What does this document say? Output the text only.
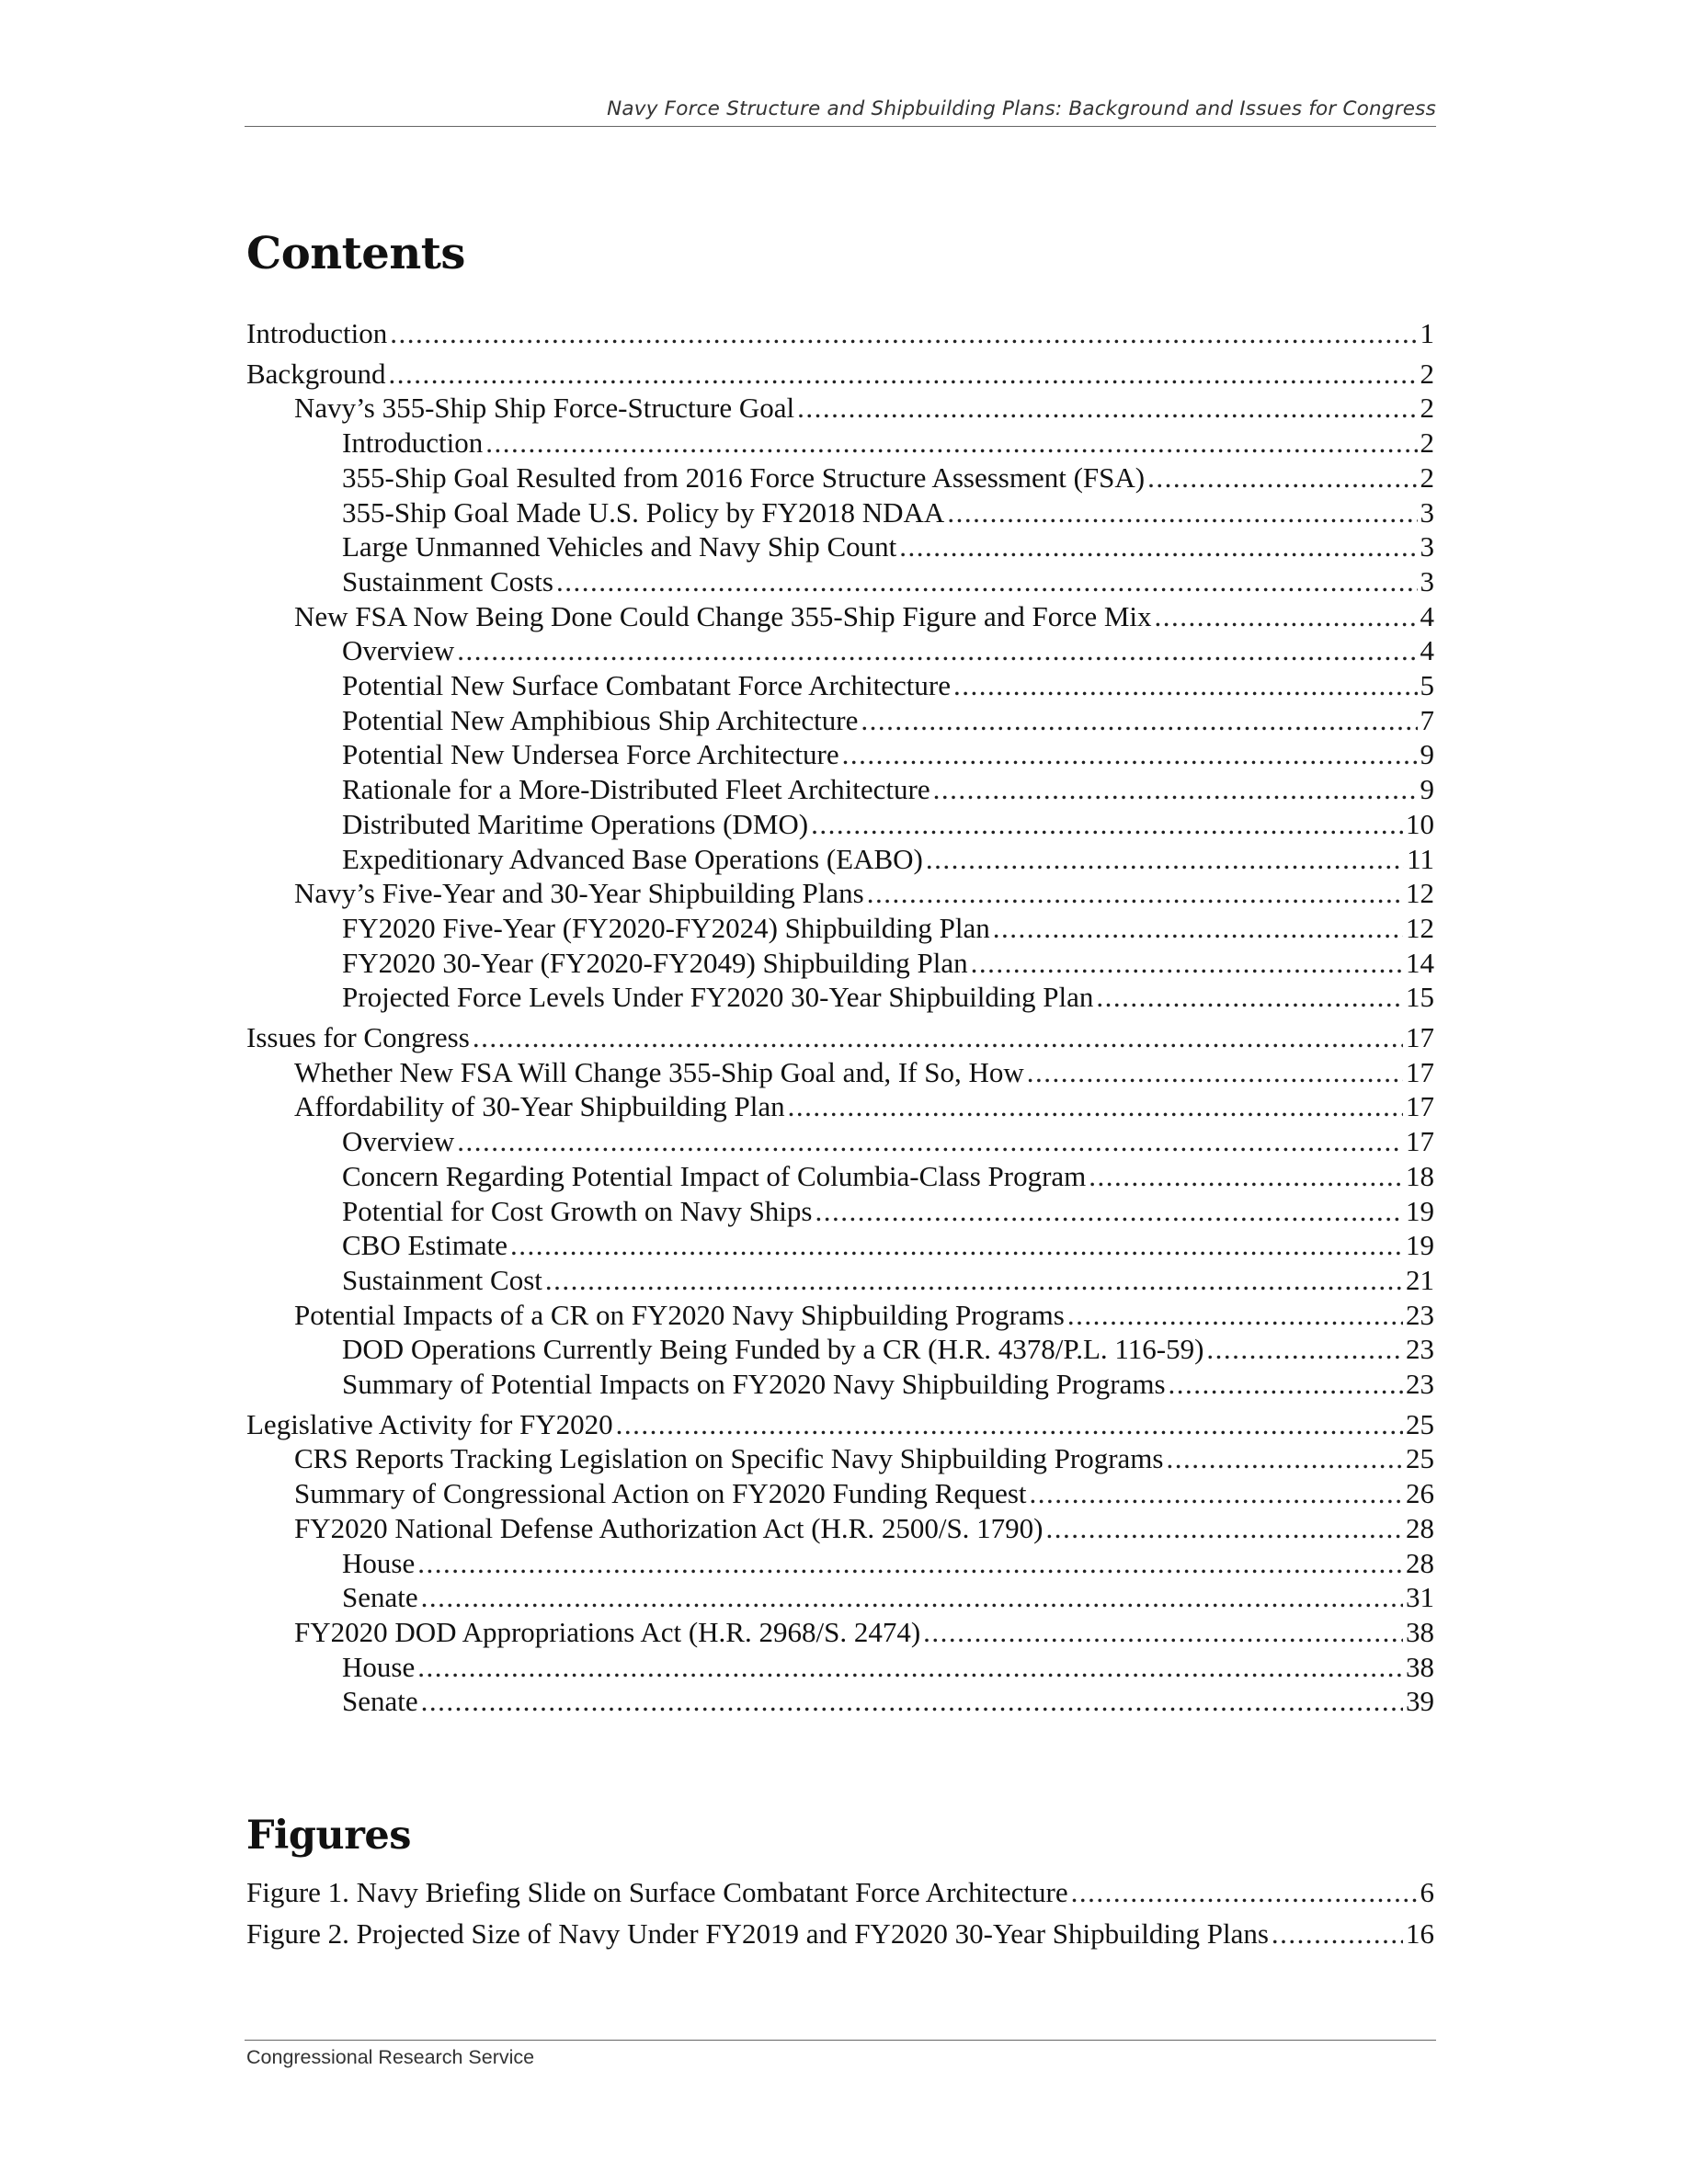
Navy Force Structure and Shipbuilding Plans: Background and Issues for Congress
Contents
Introduction .....	1
Background .....	2
Navy’s 355-Ship Ship Force-Structure Goal .....	2
Introduction .....	2
355-Ship Goal Resulted from 2016 Force Structure Assessment (FSA) .....	2
355-Ship Goal Made U.S. Policy by FY2018 NDAA .....	3
Large Unmanned Vehicles and Navy Ship Count .....	3
Sustainment Costs .....	3
New FSA Now Being Done Could Change 355-Ship Figure and Force Mix .....	4
Overview .....	4
Potential New Surface Combatant Force Architecture .....	5
Potential New Amphibious Ship Architecture .....	7
Potential New Undersea Force Architecture .....	9
Rationale for a More-Distributed Fleet Architecture .....	9
Distributed Maritime Operations (DMO) .....	10
Expeditionary Advanced Base Operations (EABO) .....	11
Navy’s Five-Year and 30-Year Shipbuilding Plans .....	12
FY2020 Five-Year (FY2020-FY2024) Shipbuilding Plan .....	12
FY2020 30-Year (FY2020-FY2049) Shipbuilding Plan .....	14
Projected Force Levels Under FY2020 30-Year Shipbuilding Plan .....	15
Issues for Congress .....	17
Whether New FSA Will Change 355-Ship Goal and, If So, How .....	17
Affordability of 30-Year Shipbuilding Plan .....	17
Overview .....	17
Concern Regarding Potential Impact of Columbia-Class Program .....	18
Potential for Cost Growth on Navy Ships .....	19
CBO Estimate .....	19
Sustainment Cost .....	21
Potential Impacts of a CR on FY2020 Navy Shipbuilding Programs .....	23
DOD Operations Currently Being Funded by a CR (H.R. 4378/P.L. 116-59) .....	23
Summary of Potential Impacts on FY2020 Navy Shipbuilding Programs .....	23
Legislative Activity for FY2020 .....	25
CRS Reports Tracking Legislation on Specific Navy Shipbuilding Programs .....	25
Summary of Congressional Action on FY2020 Funding Request .....	26
FY2020 National Defense Authorization Act (H.R. 2500/S. 1790) .....	28
House .....	28
Senate .....	31
FY2020 DOD Appropriations Act (H.R. 2968/S. 2474) .....	38
House .....	38
Senate .....	39
Figures
Figure 1. Navy Briefing Slide on Surface Combatant Force Architecture .....	6
Figure 2. Projected Size of Navy Under FY2019 and FY2020 30-Year Shipbuilding Plans .....	16
Congressional Research Service
